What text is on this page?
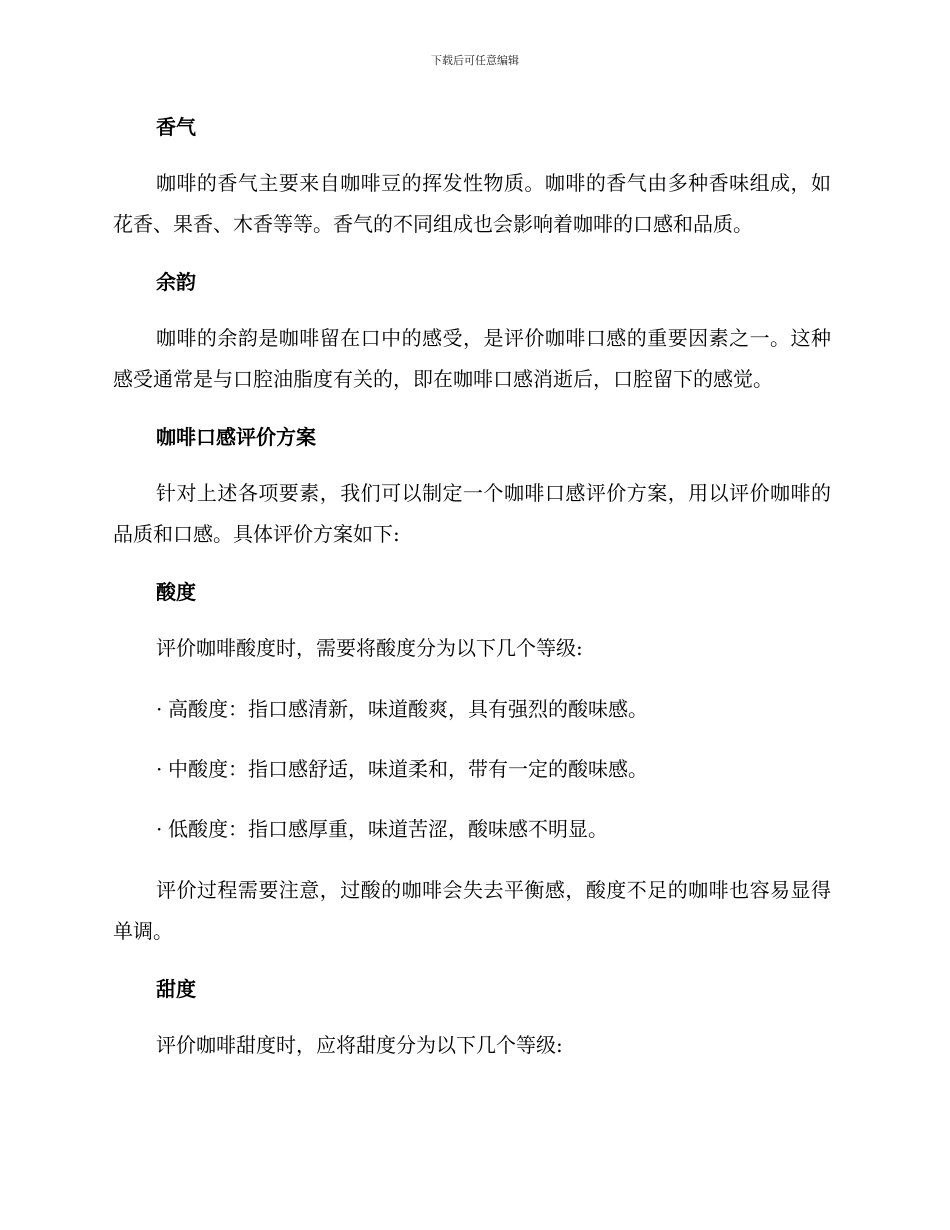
下载后可任意编辑
香气

咖啡的香气主要来自咖啡豆的挥发性物质。咖啡的香气由多种香味组成，如花香、果香、木香等等。香气的不同组成也会影响着咖啡的口感和品质。

余韵

咖啡的余韵是咖啡留在口中的感受，是评价咖啡口感的重要因素之一。这种感受通常是与口腔油脂度有关的，即在咖啡口感消逝后，口腔留下的感觉。

咖啡口感评价方案

针对上述各项要素，我们可以制定一个咖啡口感评价方案，用以评价咖啡的品质和口感。具体评价方案如下:

酸度

评价咖啡酸度时，需要将酸度分为以下几个等级:

· 高酸度：指口感清新，味道酸爽，具有强烈的酸味感。

· 中酸度：指口感舒适，味道柔和，带有一定的酸味感。

· 低酸度：指口感厚重，味道苦涩，酸味感不明显。

评价过程需要注意，过酸的咖啡会失去平衡感，酸度不足的咖啡也容易显得单调。

甜度

评价咖啡甜度时，应将甜度分为以下几个等级:
